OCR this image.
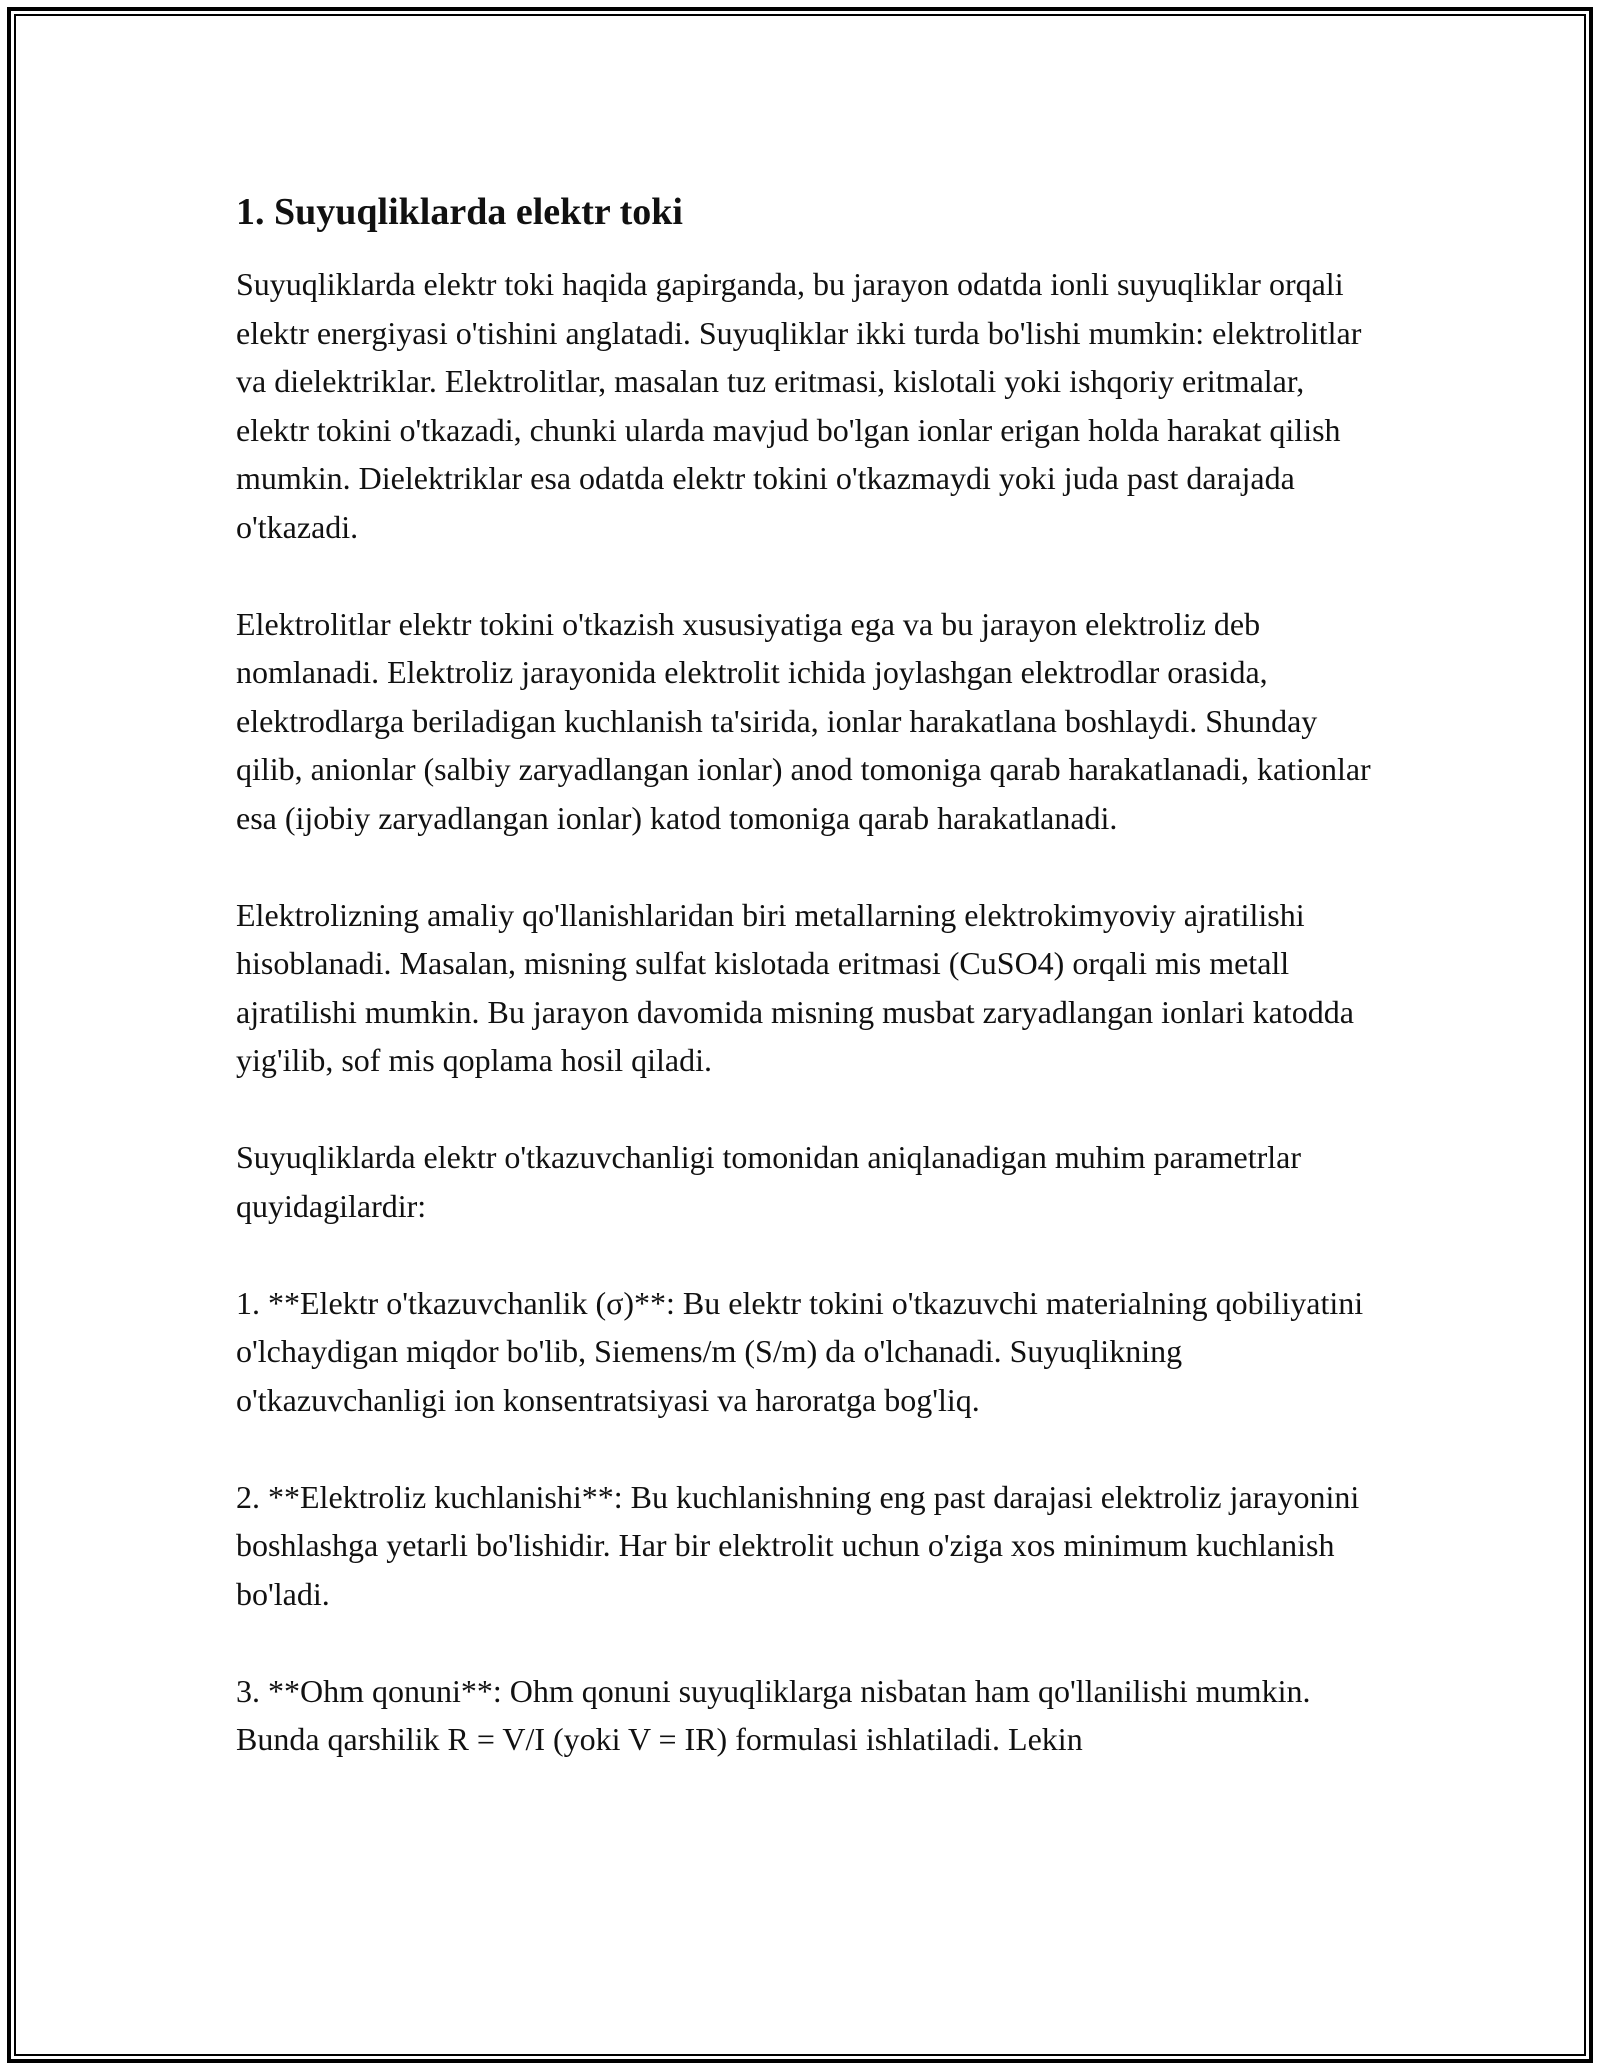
1. Suyuqliklarda elektr toki

Suyuqliklarda elektr toki haqida gapirganda, bu jarayon odatda ionli suyuqliklar orqali elektr energiyasi o'tishini anglatadi. Suyuqliklar ikki turda bo'lishi mumkin: elektrolitlar va dielektriklar. Elektrolitlar, masalan tuz eritmasi, kislotali yoki ishqoriy eritmalar, elektr tokini o'tkazadi, chunki ularda mavjud bo'lgan ionlar erigan holda harakat qilish mumkin. Dielektriklar esa odatda elektr tokini o'tkazmaydi yoki juda past darajada o'tkazadi.

Elektrolitlar elektr tokini o'tkazish xususiyatiga ega va bu jarayon elektroliz deb nomlanadi. Elektroliz jarayonida elektrolit ichida joylashgan elektrodlar orasida, elektrodlarga beriladigan kuchlanish ta'sirida, ionlar harakatlana boshlaydi. Shunday qilib, anionlar (salbiy zaryadlangan ionlar) anod tomoniga qarab harakatlanadi, kationlar esa (ijobiy zaryadlangan ionlar) katod tomoniga qarab harakatlanadi.

Elektrolizning amaliy qo'llanishlaridan biri metallarning elektrokimyoviy ajratilishi hisoblanadi. Masalan, misning sulfat kislotada eritmasi (CuSO4) orqali mis metall ajratilishi mumkin. Bu jarayon davomida misning musbat zaryadlangan ionlari katodda yig'ilib, sof mis qoplama hosil qiladi.

Suyuqliklarda elektr o'tkazuvchanligi tomonidan aniqlanadigan muhim parametrlar quyidagilardir:

1. **Elektr o'tkazuvchanlik (σ)**: Bu elektr tokini o'tkazuvchi materialning qobiliyatini o'lchaydigan miqdor bo'lib, Siemens/m (S/m) da o'lchanadi. Suyuqlikning o'tkazuvchanligi ion konsentratsiyasi va haroratga bog'liq.

2. **Elektroliz kuchlanishi**: Bu kuchlanishning eng past darajasi elektroliz jarayonini boshlashga yetarli bo'lishidir. Har bir elektrolit uchun o'ziga xos minimum kuchlanish bo'ladi.

3. **Ohm qonuni**: Ohm qonuni suyuqliklarga nisbatan ham qo'llanilishi mumkin. Bunda qarshilik R = V/I (yoki V = IR) formulasi ishlatiladi. Lekin
